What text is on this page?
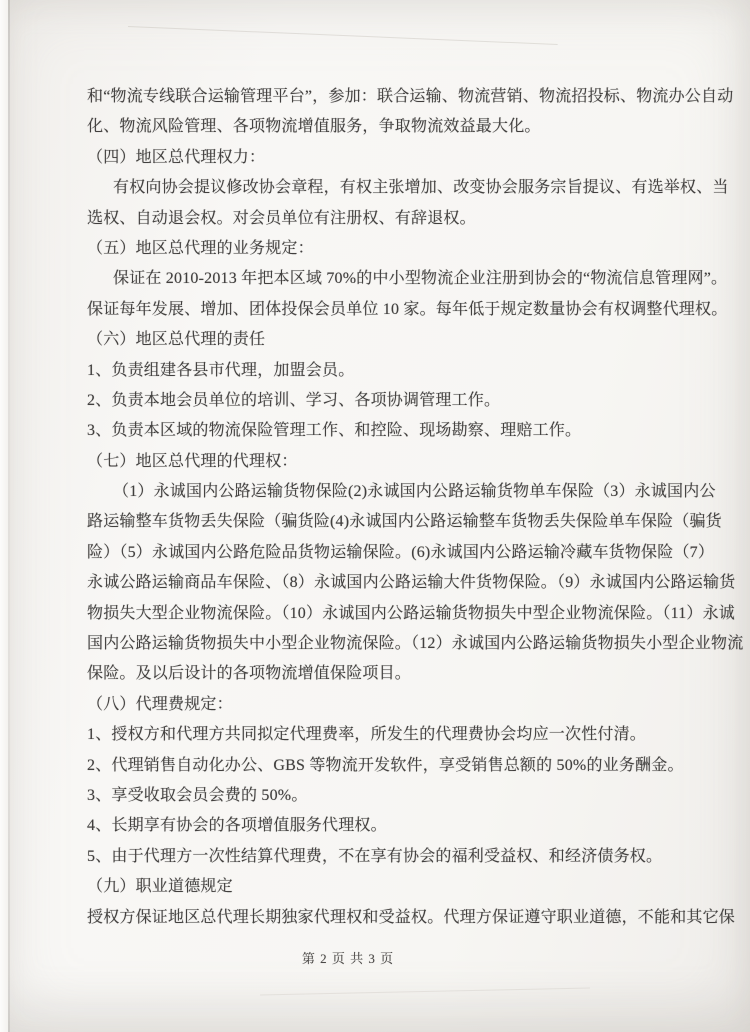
和“物流专线联合运输管理平台”，参加：联合运输、物流营销、物流招投标、物流办公自动
化、物流风险管理、各项物流增值服务，争取物流效益最大化。
（四）地区总代理权力：
有权向协会提议修改协会章程，有权主张增加、改变协会服务宗旨提议、有选举权、当
选权、自动退会权。对会员单位有注册权、有辞退权。
（五）地区总代理的业务规定：
保证在 2010-2013 年把本区域 70%的中小型物流企业注册到协会的“物流信息管理网”。
保证每年发展、增加、团体投保会员单位 10 家。每年低于规定数量协会有权调整代理权。
（六）地区总代理的责任
1、负责组建各县市代理，加盟会员。
2、负责本地会员单位的培训、学习、各项协调管理工作。
3、负责本区域的物流保险管理工作、和控险、现场勘察、理赔工作。
（七）地区总代理的代理权：
（1）永诚国内公路运输货物保险(2)永诚国内公路运输货物单车保险（3）永诚国内公
路运输整车货物丢失保险（骗货险(4)永诚国内公路运输整车货物丢失保险单车保险（骗货
险）（5）永诚国内公路危险品货物运输保险。(6)永诚国内公路运输冷藏车货物保险（7）
永诚公路运输商品车保险、（8）永诚国内公路运输大件货物保险。（9）永诚国内公路运输货
物损失大型企业物流保险。（10）永诚国内公路运输货物损失中型企业物流保险。（11）永诚
国内公路运输货物损失中小型企业物流保险。（12）永诚国内公路运输货物损失小型企业物流
保险。及以后设计的各项物流增值保险项目。
（八）代理费规定：
1、授权方和代理方共同拟定代理费率，所发生的代理费协会均应一次性付清。
2、代理销售自动化办公、GBS 等物流开发软件，享受销售总额的 50%的业务酬金。
3、享受收取会员会费的 50%。
4、长期享有协会的各项增值服务代理权。
5、由于代理方一次性结算代理费，不在享有协会的福利受益权、和经济债务权。
（九）职业道德规定
授权方保证地区总代理长期独家代理权和受益权。代理方保证遵守职业道德，不能和其它保
第 2 页 共 3 页
